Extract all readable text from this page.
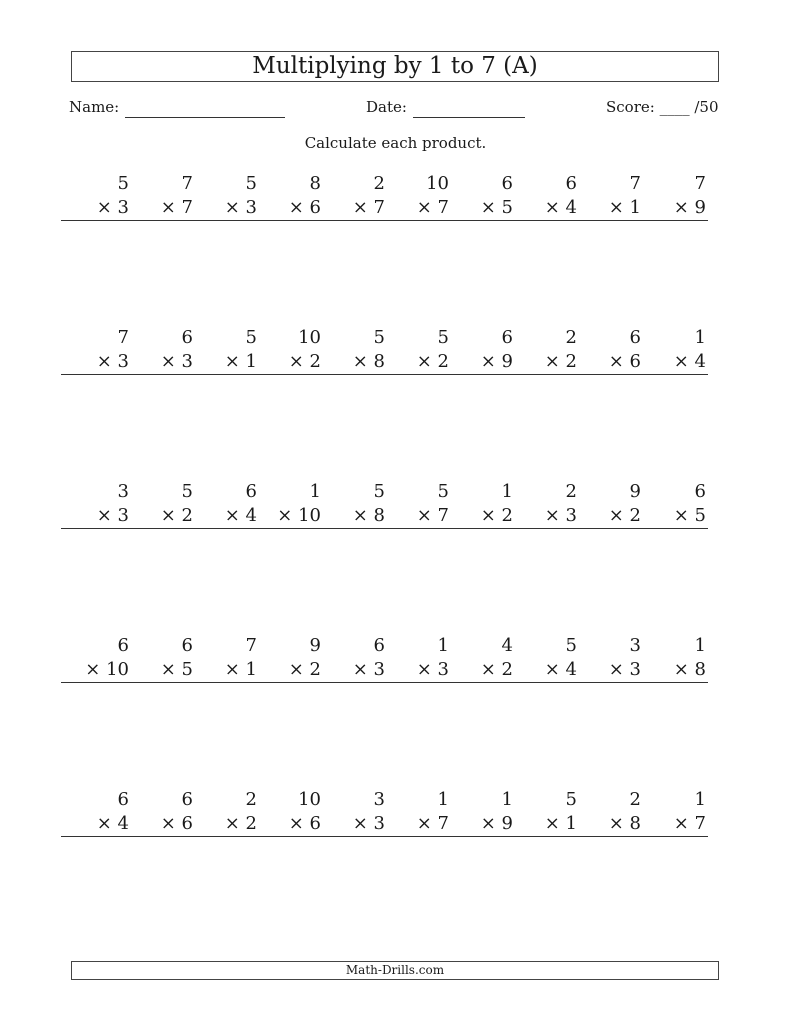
Multiplying by 1 to 7 (A)
Name:	Date:	Score: ____ /50
Calculate each product.
5
× 3
7
× 7
5
× 3
8
× 6
2
× 7
10
× 7
6
× 5
6
× 4
7
× 1
7
× 9
7
× 3
6
× 3
5
× 1
10
× 2
5
× 8
5
× 2
6
× 9
2
× 2
6
× 6
1
× 4
3
× 3
5
× 2
6
× 4
1
× 10
5
× 8
5
× 7
1
× 2
2
× 3
9
× 2
6
× 5
6
× 10
6
× 5
7
× 1
9
× 2
6
× 3
1
× 3
4
× 2
5
× 4
3
× 3
1
× 8
6
× 4
6
× 6
2
× 2
10
× 6
3
× 3
1
× 7
1
× 9
5
× 1
2
× 8
1
× 7
Math-Drills.com
